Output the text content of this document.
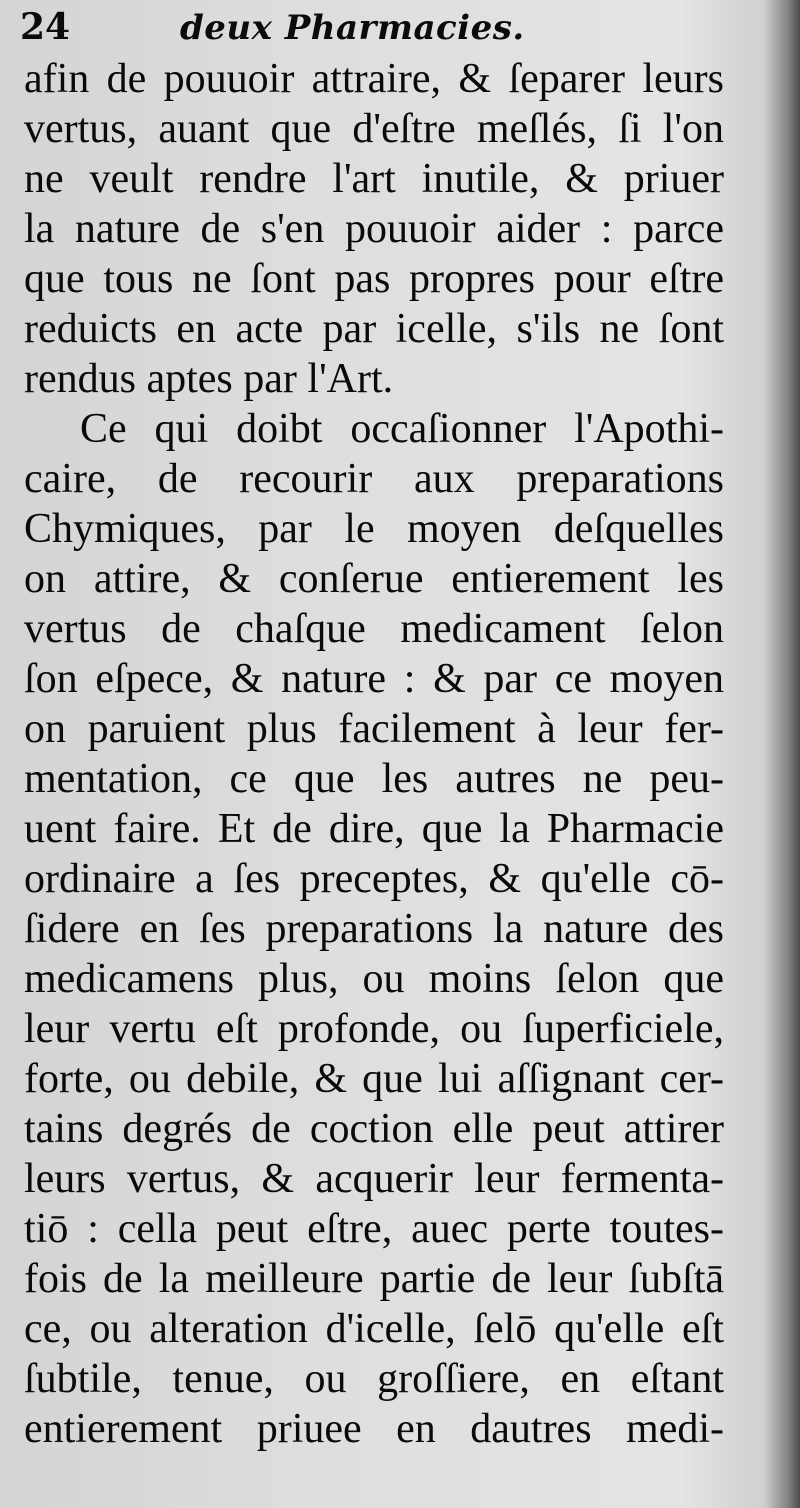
24	deux Pharmacies.
afin de pouuoir attraire, & ſeparer leurs
vertus, auant que d'eſtre meſlés, ſi l'on
ne veult rendre l'art inutile, & priuer
la nature de s'en pouuoir aider : parce
que tous ne ſont pas propres pour eſtre
reduicts en acte par icelle, s'ils ne ſont
rendus aptes par l'Art.
Ce qui doibt occaſionner l'Apothi-
caire, de recourir aux preparations
Chymiques, par le moyen deſquelles
on attire, & conſerue entierement les
vertus de chaſque medicament ſelon
ſon eſpece, & nature : & par ce moyen
on paruient plus facilement à leur fer-
mentation, ce que les autres ne peu-
uent faire. Et de dire, que la Pharmacie
ordinaire a ſes preceptes, & qu'elle cō-
ſidere en ſes preparations la nature des
medicamens plus, ou moins ſelon que
leur vertu eſt profonde, ou ſuperficiele,
forte, ou debile, & que lui aſſignant cer-
tains degrés de coction elle peut attirer
leurs vertus, & acquerir leur fermenta-
tiō : cella peut eſtre, auec perte toutes-
fois de la meilleure partie de leur ſubſtā
ce, ou alteration d'icelle, ſelō qu'elle eſt
ſubtile, tenue, ou groſſiere, en eſtant
entierement priuee en dautres medi-
